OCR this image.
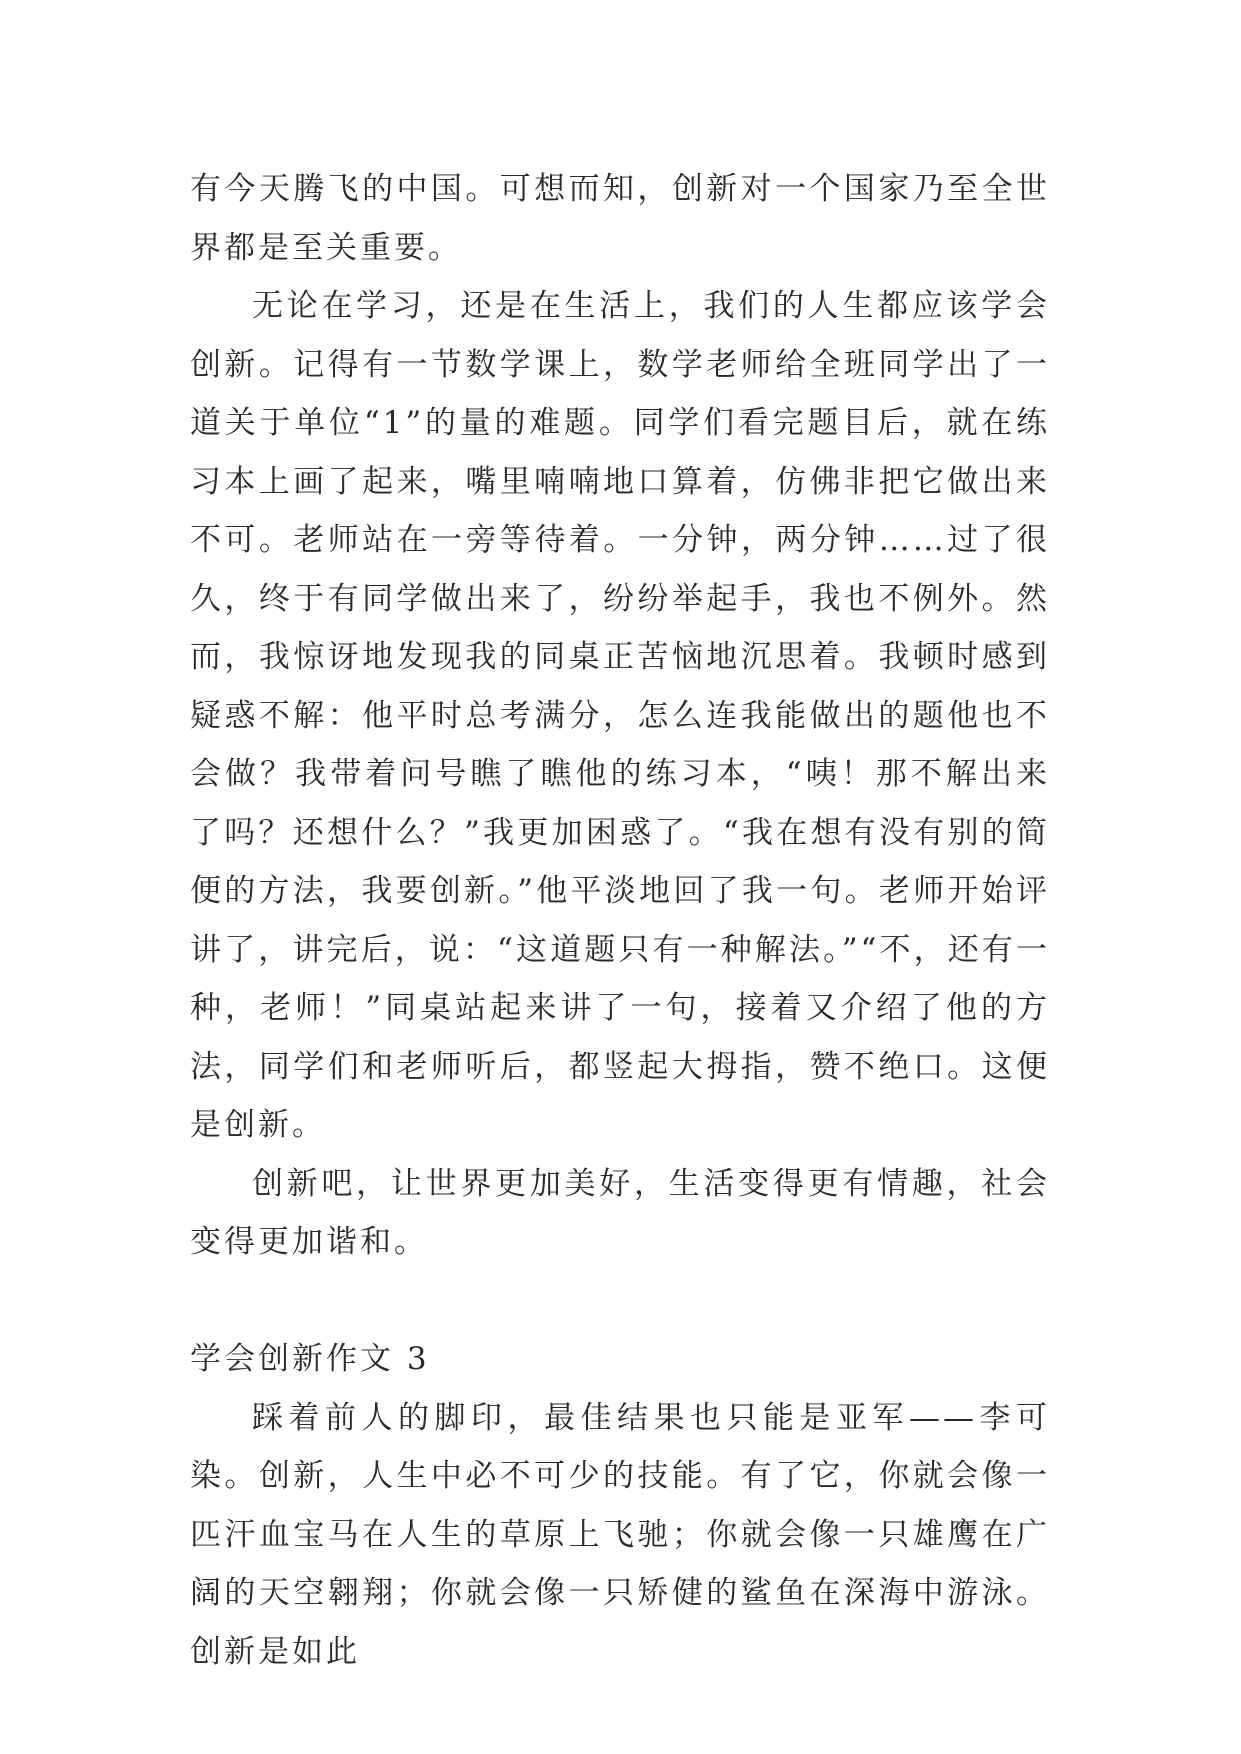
有今天腾飞的中国。可想而知，创新对一个国家乃至全世界都是至关重要。

无论在学习，还是在生活上，我们的人生都应该学会创新。记得有一节数学课上，数学老师给全班同学出了一道关于单位“1”的量的难题。同学们看完题目后，就在练习本上画了起来，嘴里喃喃地口算着，仿佛非把它做出来不可。老师站在一旁等待着。一分钟，两分钟……过了很久，终于有同学做出来了，纷纷举起手，我也不例外。然而，我惊讶地发现我的同桌正苦恼地沉思着。我顿时感到疑惑不解：他平时总考满分，怎么连我能做出的题他也不会做？我带着问号瞧了瞧他的练习本，“咦！那不解出来了吗？还想什么？”我更加困惑了。“我在想有没有别的简便的方法，我要创新。”他平淡地回了我一句。老师开始评讲了，讲完后，说：“这道题只有一种解法。”“不，还有一种，老师！”同桌站起来讲了一句，接着又介绍了他的方法，同学们和老师听后，都竖起大拇指，赞不绝口。这便是创新。

创新吧，让世界更加美好，生活变得更有情趣，社会变得更加谐和。

学会创新作文 3

踩着前人的脚印，最佳结果也只能是亚军——李可染。创新，人生中必不可少的技能。有了它，你就会像一匹汗血宝马在人生的草原上飞驰；你就会像一只雄鹰在广阔的天空翱翔；你就会像一只矫健的鲨鱼在深海中游泳。创新是如此
